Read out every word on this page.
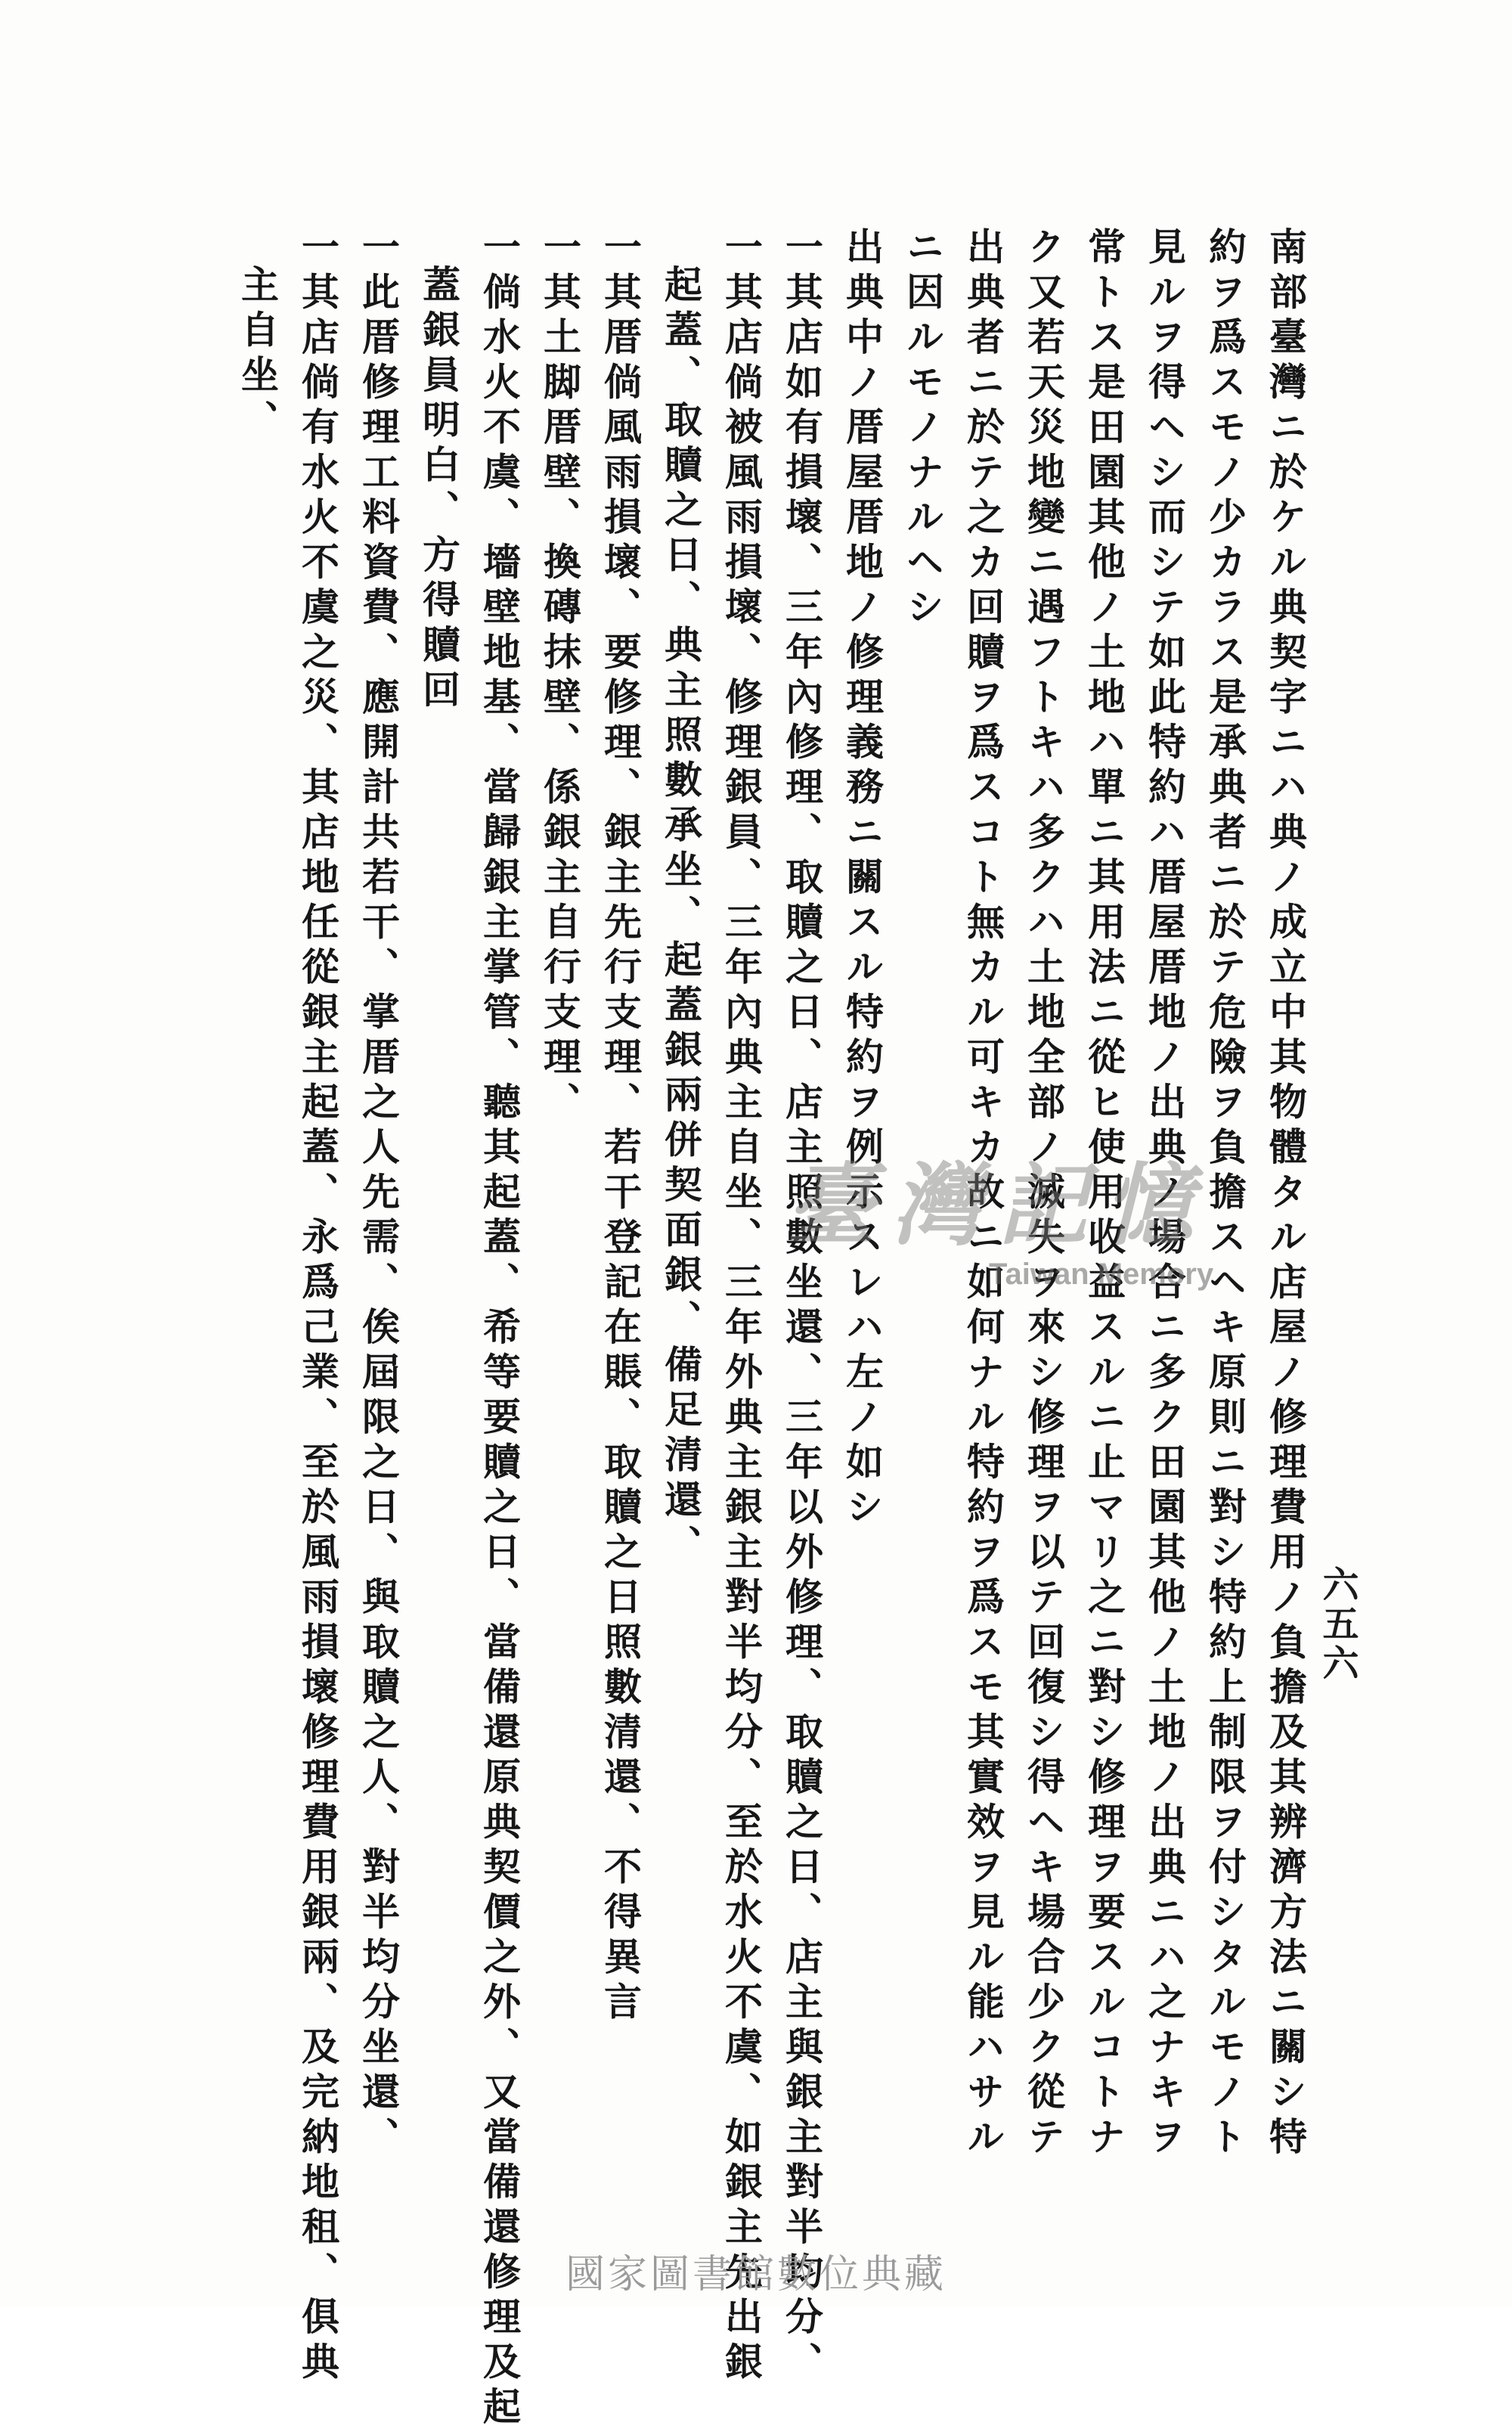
六五六

南部臺灣ニ於ケル典契字ニハ典ノ成立中其物體タル店屋ノ修理費用ノ負擔及其辨濟方法ニ關シ特

約ヲ爲スモノ少カラス是承典者ニ於テ危險ヲ負擔スヘキ原則ニ對シ特約上制限ヲ付シタルモノト

見ルヲ得ヘシ而シテ如此特約ハ厝屋厝地ノ出典ノ場合ニ多ク田園其他ノ土地ノ出典ニハ之ナキヲ

常トス是田園其他ノ土地ハ單ニ其用法ニ從ヒ使用收益スルニ止マリ之ニ對シ修理ヲ要スルコトナ

ク又若天災地變ニ遇フトキハ多クハ土地全部ノ滅失ヲ來シ修理ヲ以テ回復シ得ヘキ場合少ク從テ

出典者ニ於テ之カ回贖ヲ爲スコト無カル可キカ故ニ如何ナル特約ヲ爲スモ其實效ヲ見ル能ハサル

ニ因ルモノナルヘシ

出典中ノ厝屋厝地ノ修理義務ニ關スル特約ヲ例示スレハ左ノ如シ

一其店如有損壞、三年內修理、取贖之日、店主照數坐還、三年以外修理、取贖之日、店主與銀主對半均分、

一其店倘被風雨損壞、修理銀員、三年內典主自坐、三年外典主銀主對半均分、至於水火不虞、如銀主先出銀

起蓋、取贖之日、典主照數承坐、起蓋銀兩併契面銀、備足清還、

一其厝倘風雨損壞、要修理、銀主先行支理、若干登記在賬、取贖之日照數清還、不得異言

一其土脚厝壁、換磚抹壁、係銀主自行支理、

一倘水火不虞、墻壁地基、當歸銀主掌管、聽其起蓋、希等要贖之日、當備還原典契價之外、又當備還修理及起

蓋銀員明白、方得贖回

一此厝修理工料資費、應開計共若干、掌厝之人先需、俟屆限之日、與取贖之人、對半均分坐還、

一其店倘有水火不虞之災、其店地任從銀主起蓋、永爲己業、至於風雨損壞修理費用銀兩、及完納地租、俱典

主自坐、

臺灣記憶
Taiwan Memory
國家圖書館數位典藏
